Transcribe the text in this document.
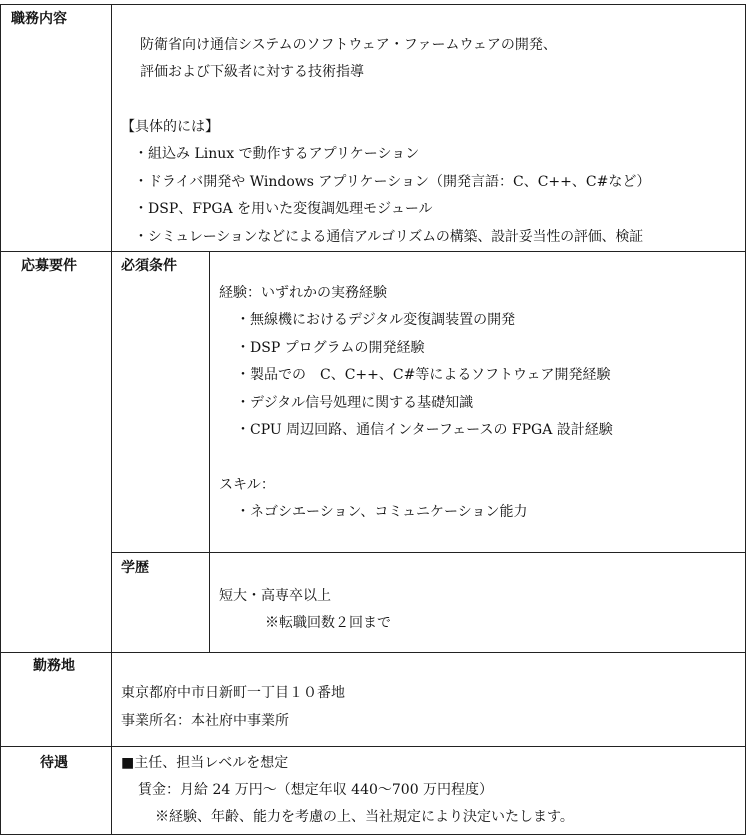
職務内容
防衛省向け通信システムのソフトウェア・ファームウェアの開発、
評価および下級者に対する技術指導
【具体的には】
・組込み Linux で動作するアプリケーション
・ドライバ開発や Windows アプリケーション（開発言語：C、C++、C#など）
・DSP、FPGA を用いた変復調処理モジュール
・シミュレーションなどによる通信アルゴリズムの構築、設計妥当性の評価、検証
応募要件	必須条件
経験：いずれかの実務経験
・無線機におけるデジタル変復調装置の開発
・DSP プログラムの開発経験
・製品での　C、C++、C#等によるソフトウェア開発経験
・デジタル信号処理に関する基礎知識
・CPU 周辺回路、通信インターフェースの FPGA 設計経験
スキル：
・ネゴシエーション、コミュニケーション能力
学歴
短大・高専卒以上
※転職回数２回まで
勤務地
東京都府中市日新町一丁目１０番地
事業所名：本社府中事業所
待遇	■主任、担当レベルを想定
賃金：月給 24 万円～（想定年収 440～700 万円程度）
※経験、年齢、能力を考慮の上、当社規定により決定いたします。
